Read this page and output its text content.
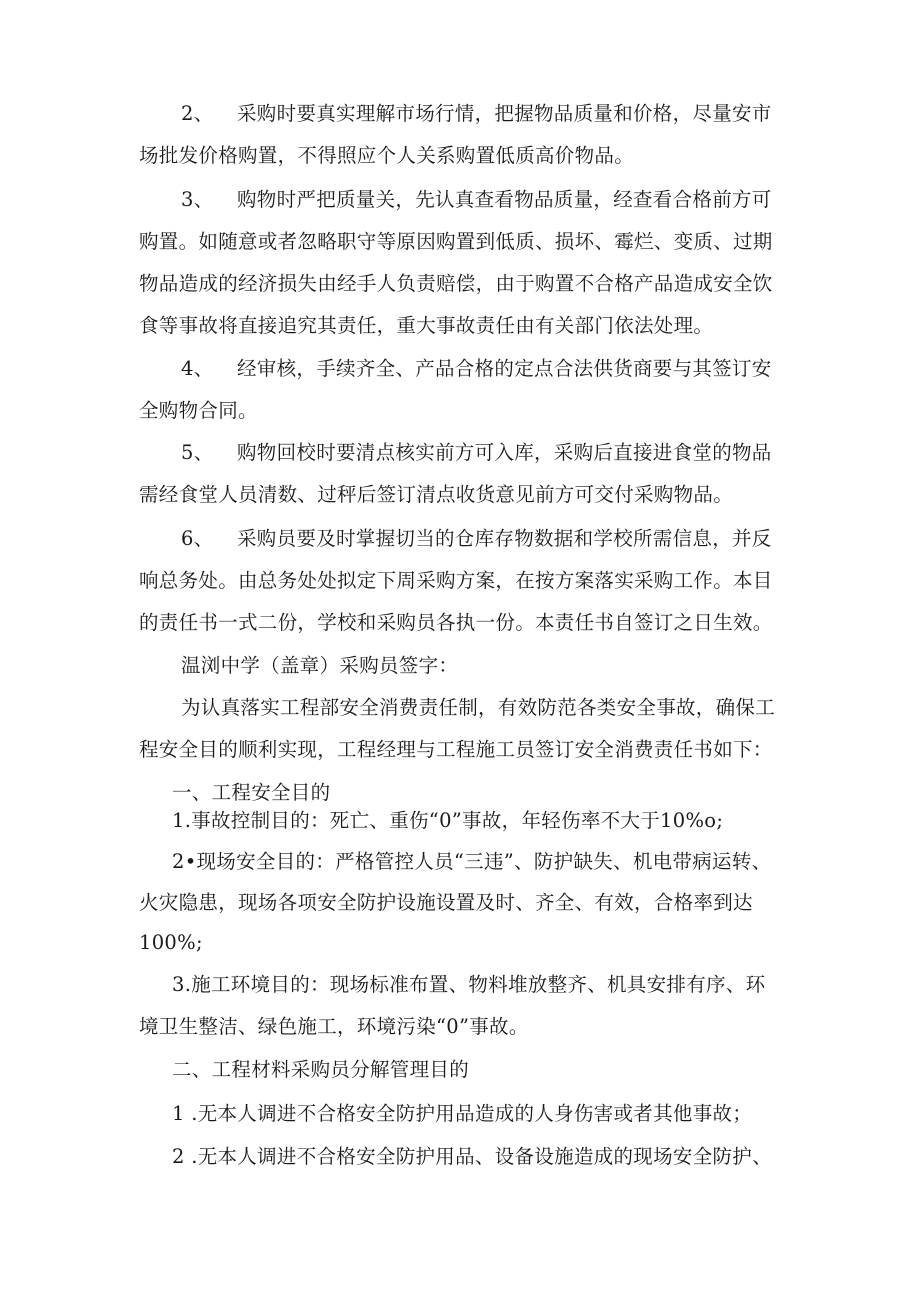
2、 采购时要真实理解市场行情，把握物品质量和价格，尽量安市
场批发价格购置，不得照应个人关系购置低质高价物品。
3、 购物时严把质量关，先认真查看物品质量，经查看合格前方可
购置。如随意或者忽略职守等原因购置到低质、损坏、霉烂、变质、过期
物品造成的经济损失由经手人负责赔偿，由于购置不合格产品造成安全饮
食等事故将直接追究其责任，重大事故责任由有关部门依法处理。
4、 经审核，手续齐全、产品合格的定点合法供货商要与其签订安
全购物合同。
5、 购物回校时要清点核实前方可入库，采购后直接进食堂的物品
需经食堂人员清数、过秤后签订清点收货意见前方可交付采购物品。
6、 采购员要及时掌握切当的仓库存物数据和学校所需信息，并反
响总务处。由总务处处拟定下周采购方案，在按方案落实采购工作。本目
的责任书一式二份，学校和采购员各执一份。本责任书自签订之日生效。
温浏中学（盖章）采购员签字：
为认真落实工程部安全消费责任制，有效防范各类安全事故，确保工
程安全目的顺利实现，工程经理与工程施工员签订安全消费责任书如下：
一、工程安全目的
1.事故控制目的：死亡、重伤“0”事故，年轻伤率不大于10%o;
2•现场安全目的：严格管控人员“三违”、防护缺失、机电带病运转、
火灾隐患，现场各项安全防护设施设置及时、齐全、有效，合格率到达
100%;
3.施工环境目的：现场标准布置、物料堆放整齐、机具安排有序、环
境卫生整洁、绿色施工，环境污染“0”事故。
二、工程材料采购员分解管理目的
1 .无本人调进不合格安全防护用品造成的人身伤害或者其他事故；
2 .无本人调进不合格安全防护用品、设备设施造成的现场安全防护、
